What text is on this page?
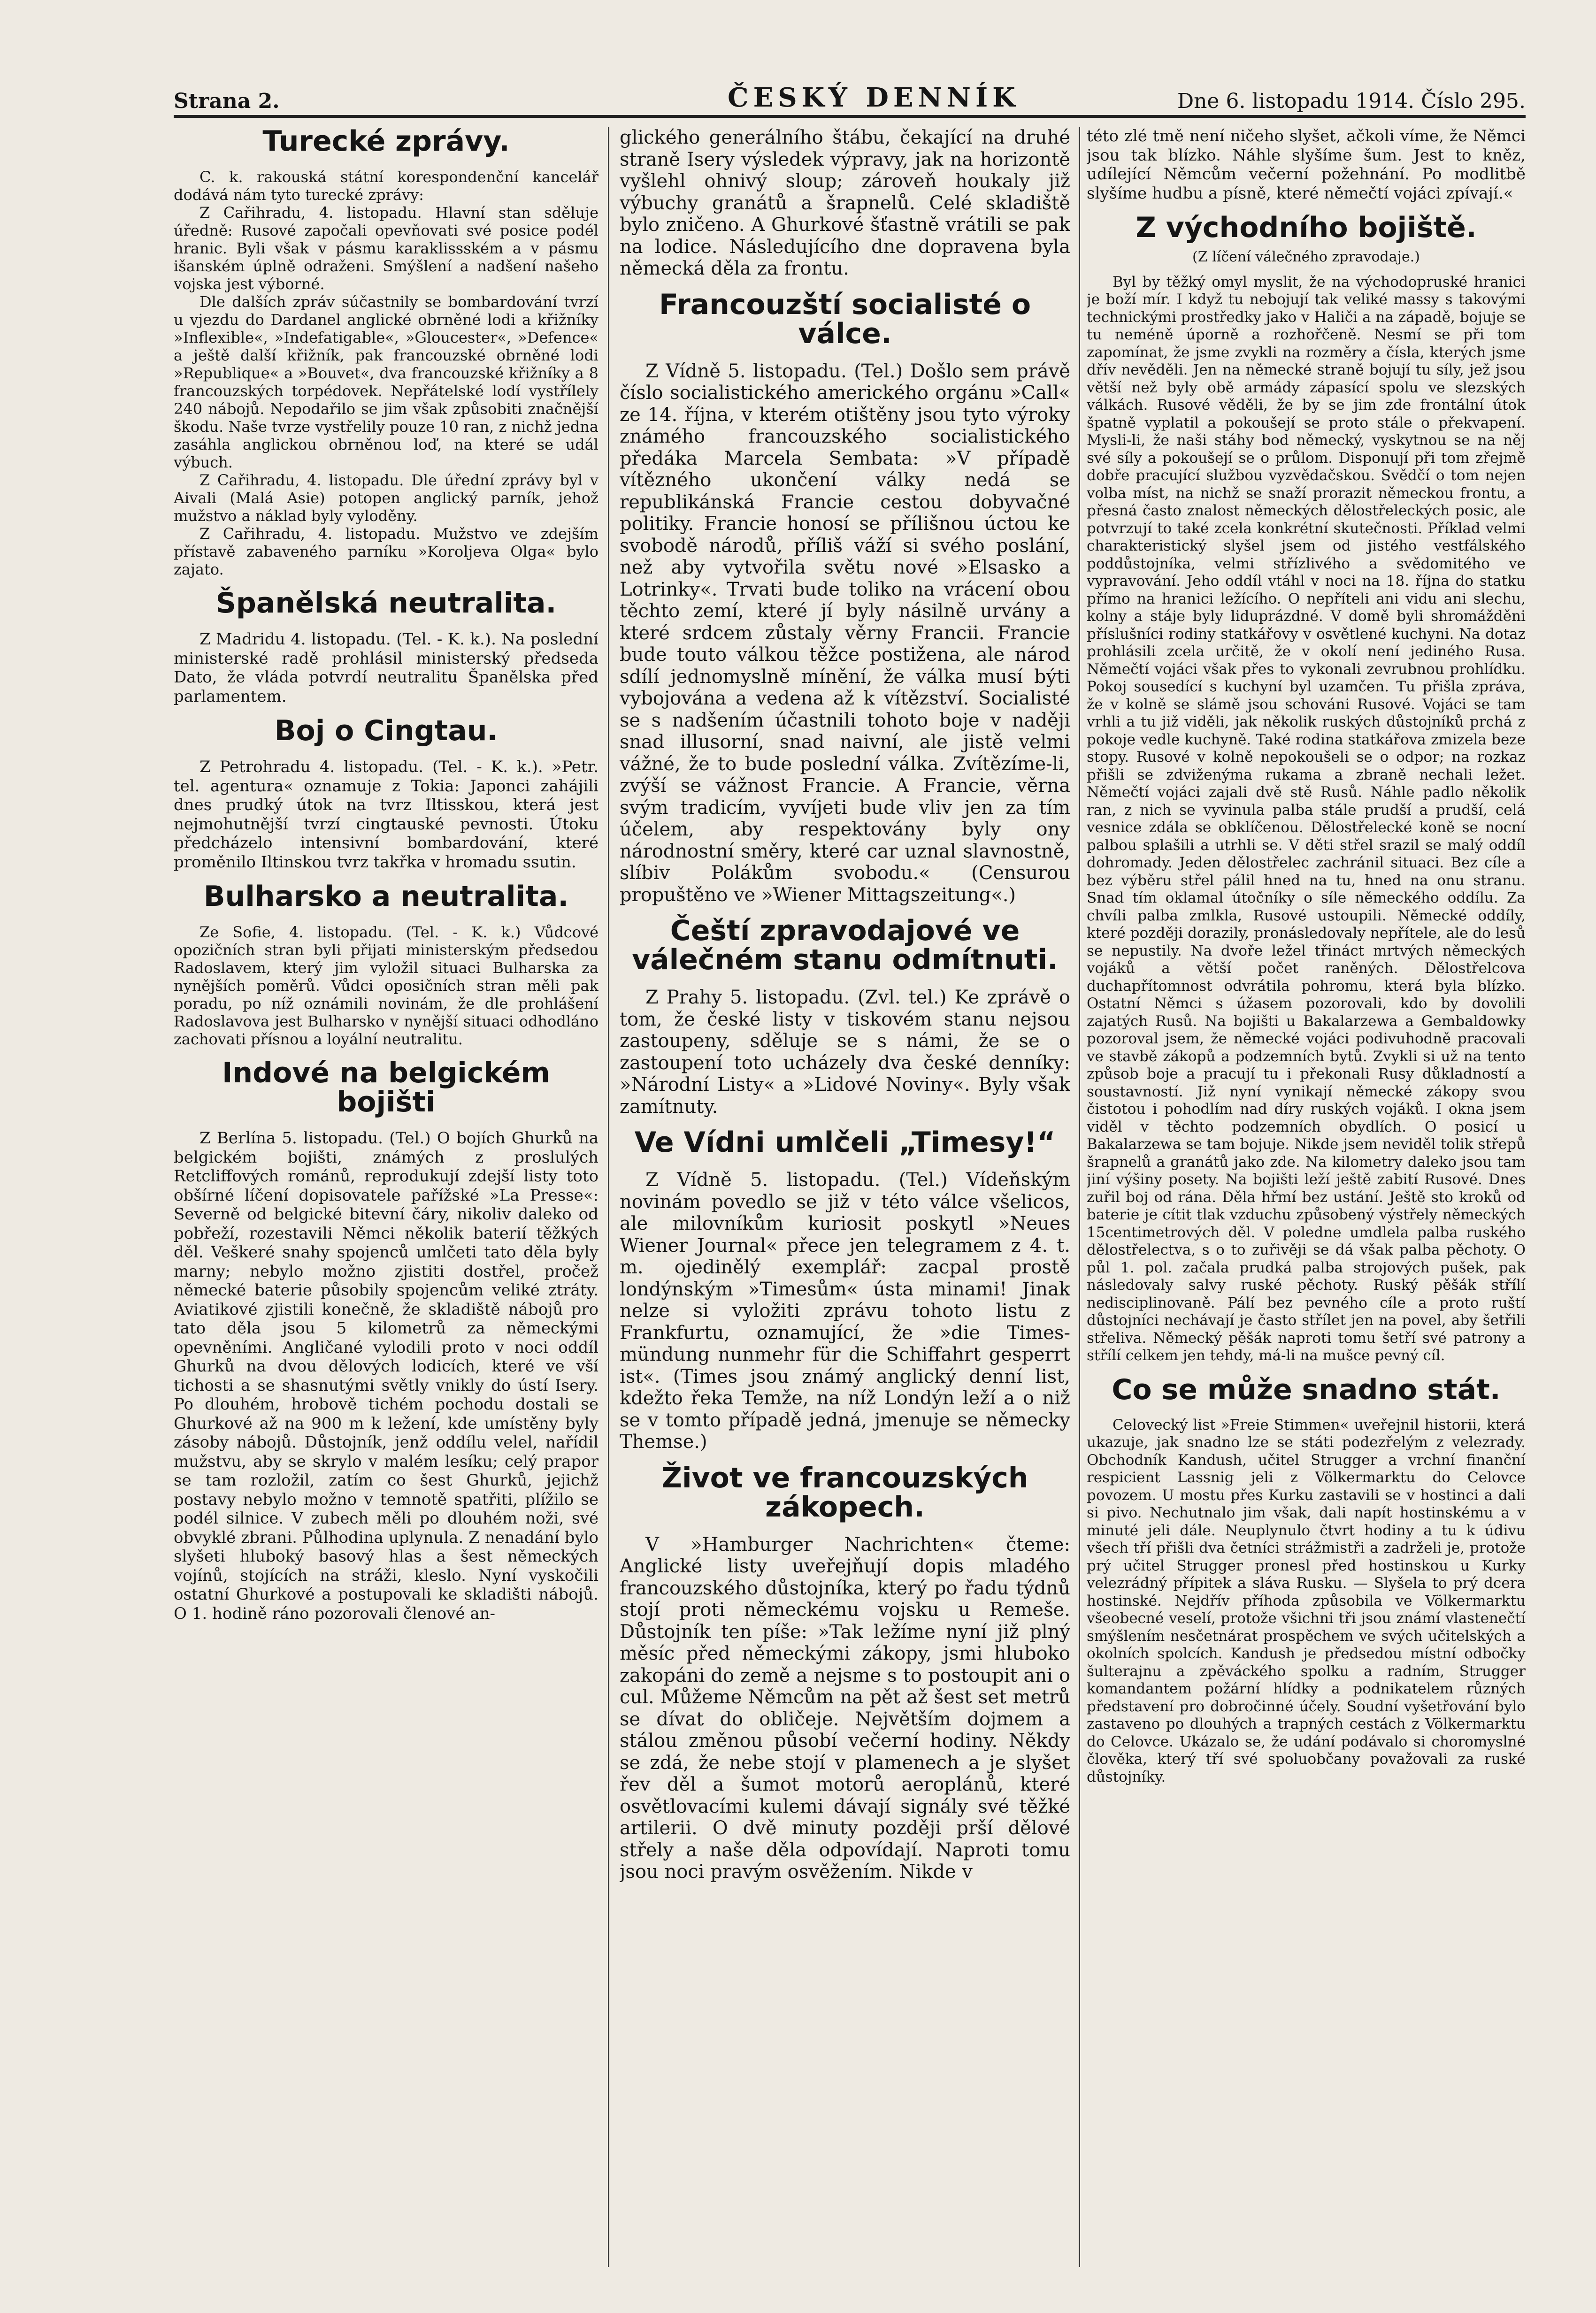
Strana 2.	ČESKÝ DENNÍK	Dne 6. listopadu 1914. Číslo 295.
Turecké zprávy.
C. k. rakouská státní korespondenční kancelář dodává nám tyto turecké zprávy:
Z Cařihradu, 4. listopadu. Hlavní stan sděluje úředně: Rusové započali opevňovati své posice podél hranic. Byli však v pásmu karaklissském a v pásmu išanském úplně odraženi. Smýšlení a nadšení našeho vojska jest výborné.
Dle dalších zpráv súčastnily se bombardování tvrzí u vjezdu do Dardanel anglické obrněné lodi a křižníky »Inflexible«, »Indefatigable«, »Gloucester«, »Defence« a ještě další křižník, pak francouzské obrněné lodi »Republique« a »Bouvet«, dva francouzské křižníky a 8 francouzských torpédovek. Nepřátelské lodí vystřílely 240 nábojů. Nepodařilo se jim však způsobiti značnější škodu. Naše tvrze vystřelily pouze 10 ran, z nichž jedna zasáhla anglickou obrněnou loď, na které se udál výbuch.
Z Cařihradu, 4. listopadu. Dle úřední zprávy byl v Aivali (Malá Asie) potopen anglický parník, jehož mužstvo a náklad byly vyloděny.
Z Cařihradu, 4. listopadu. Mužstvo ve zdejším přístavě zabaveného parníku »Koroljeva Olga« bylo zajato.
Španělská neutralita.
Z Madridu 4. listopadu. (Tel. - K. k.). Na poslední ministerské radě prohlásil ministerský předseda Dato, že vláda potvrdí neutralitu Španělska před parlamentem.
Boj o Cingtau.
Z Petrohradu 4. listopadu. (Tel. - K. k.). »Petr. tel. agentura« oznamuje z Tokia: Japonci zahájili dnes prudký útok na tvrz Iltisskou, která jest nejmohutnější tvrzí cingtauské pevnosti. Útoku předcházelo intensivní bombardování, které proměnilo Iltinskou tvrz takřka v hromadu ssutin.
Bulharsko a neutralita.
Ze Sofie, 4. listopadu. (Tel. - K. k.) Vůdcové opozičních stran byli přijati ministerským předsedou Radoslavem, který jim vyložil situaci Bulharska za nynějších poměrů. Vůdci oposičních stran měli pak poradu, po níž oznámili novinám, že dle prohlášení Radoslavova jest Bulharsko v nynější situaci odhodláno zachovati přísnou a loyální neutralitu.
Indové na belgickém bojišti
Z Berlína 5. listopadu. (Tel.) O bojích Ghurků na belgickém bojišti, známých z proslulých Retcliffových románů, reprodukují zdejší listy toto obšírné líčení dopisovatele pařížské »La Presse«: Severně od belgické bitevní čáry, nikoliv daleko od pobřeží, rozestavili Němci několik baterií těžkých děl. Veškeré snahy spojenců umlčeti tato děla byly marny; nebylo možno zjistiti dostřel, pročež německé baterie působily spojencům veliké ztráty. Aviatikové zjistili konečně, že skladiště nábojů pro tato děla jsou 5 kilometrů za německými opevněními. Angličané vylodili proto v noci oddíl Ghurků na dvou dělových lodicích, které ve vší tichosti a se shasnutými světly vnikly do ústí Isery. Po dlouhém, hrobově tichém pochodu dostali se Ghurkové až na 900 m k ležení, kde umístěny byly zásoby nábojů. Důstojník, jenž oddílu velel, nařídil mužstvu, aby se skrylo v malém lesíku; celý prapor se tam rozložil, zatím co šest Ghurků, jejichž postavy nebylo možno v temnotě spatřiti, plížilo se podél silnice. V zubech měli po dlouhém noži, své obvyklé zbrani. Půlhodina uplynula. Z nenadání bylo slyšeti hluboký basový hlas a šest německých vojínů, stojících na stráži, kleslo. Nyní vyskočili ostatní Ghurkové a postupovali ke skladišti nábojů. O 1. hodině ráno pozorovali členové an-
glického generálního štábu, čekající na druhé straně Isery výsledek výpravy, jak na horizontě vyšlehl ohnivý sloup; zároveň houkaly již výbuchy granátů a šrapnelů. Celé skladiště bylo zničeno. A Ghurkové šťastně vrátili se pak na lodice. Následujícího dne dopravena byla německá děla za frontu.
Francouzští socialisté o válce.
Z Vídně 5. listopadu. (Tel.) Došlo sem právě číslo socialistického amerického orgánu »Call« ze 14. října, v kterém otištěny jsou tyto výroky známého francouzského socialistického předáka Marcela Sembata: »V případě vítězného ukončení války nedá se republikánská Francie cestou dobyvačné politiky. Francie honosí se přílišnou úctou ke svobodě národů, příliš váží si svého poslání, než aby vytvořila světu nové »Elsasko a Lotrinky«. Trvati bude toliko na vrácení obou těchto zemí, které jí byly násilně urvány a které srdcem zůstaly věrny Francii. Francie bude touto válkou těžce postižena, ale národ sdílí jednomyslně mínění, že válka musí býti vybojována a vedena až k vítězství. Socialisté se s nadšením účastnili tohoto boje v naději snad illusorní, snad naivní, ale jistě velmi vážné, že to bude poslední válka. Zvítězíme-li, zvýší se vážnost Francie. A Francie, věrna svým tradicím, vyvíjeti bude vliv jen za tím účelem, aby respektovány byly ony národnostní směry, které car uznal slavnostně, slíbiv Polákům svobodu.« (Censurou propuštěno ve »Wiener Mittagszeitung«.)
Čeští zpravodajové ve válečném stanu odmítnuti.
Z Prahy 5. listopadu. (Zvl. tel.) Ke zprávě o tom, že české listy v tiskovém stanu nejsou zastoupeny, sděluje se s námi, že se o zastoupení toto ucházely dva české denníky: »Národní Listy« a »Lidové Noviny«. Byly však zamítnuty.
Ve Vídni umlčeli „Timesy!“
Z Vídně 5. listopadu. (Tel.) Vídeňským novinám povedlo se již v této válce všelicos, ale milovníkům kuriosit poskytl »Neues Wiener Journal« přece jen telegramem z 4. t. m. ojedinělý exemplář: zacpal prostě londýnským »Timesům« ústa minami! Jinak nelze si vyložiti zprávu tohoto listu z Frankfurtu, oznamující, že »die Times-mündung nunmehr für die Schiffahrt gesperrt ist«. (Times jsou známý anglický denní list, kdežto řeka Temže, na níž Londýn leží a o niž se v tomto případě jedná, jmenuje se německy Themse.)
Život ve francouzských zákopech.
V »Hamburger Nachrichten« čteme: Anglické listy uveřejňují dopis mladého francouzského důstojníka, který po řadu týdnů stojí proti německému vojsku u Remeše. Důstojník ten píše: »Tak ležíme nyní již plný měsíc před německými zákopy, jsmi hluboko zakopáni do země a nejsme s to postoupit ani o cul. Můžeme Němcům na pět až šest set metrů se dívat do obličeje. Největším dojmem a stálou změnou působí večerní hodiny. Někdy se zdá, že nebe stojí v plamenech a je slyšet řev děl a šumot motorů aeroplánů, které osvětlovacími kulemi dávají signály své těžké artilerii. O dvě minuty později prší dělové střely a naše děla odpovídají. Naproti tomu jsou noci pravým osvěžením. Nikde v
této zlé tmě není ničeho slyšet, ačkoli víme, že Němci jsou tak blízko. Náhle slyšíme šum. Jest to kněz, udílející Němcům večerní požehnání. Po modlitbě slyšíme hudbu a písně, které němečtí vojáci zpívají.«
Z východního bojiště.
(Z líčení válečného zpravodaje.)
Byl by těžký omyl myslit, že na východopruské hranici je boží mír. I když tu nebojují tak veliké massy s takovými technickými prostředky jako v Haliči a na západě, bojuje se tu neméně úporně a rozhořčeně. Nesmí se při tom zapomínat, že jsme zvykli na rozměry a čísla, kterých jsme dřív nevěděli. Jen na německé straně bojují tu síly, jež jsou větší než byly obě armády zápasící spolu ve slezských válkách. Rusové věděli, že by se jim zde frontální útok špatně vyplatil a pokoušejí se proto stále o překvapení. Mysli-li, že naši stáhy bod německý, vyskytnou se na něj své síly a pokoušejí se o průlom. Disponují při tom zřejmě dobře pracující službou vyzvědačskou. Svědčí o tom nejen volba míst, na nichž se snaží prorazit německou frontu, a přesná často znalost německých dělostřeleckých posic, ale potvrzují to také zcela konkrétní skutečnosti. Příklad velmi charakteristický slyšel jsem od jistého vestfálského poddůstojníka, velmi střízlivého a svědomitého ve vypravování. Jeho oddíl vtáhl v noci na 18. října do statku přímo na hranici ležícího. O nepříteli ani vidu ani slechu, kolny a stáje byly liduprázdné. V domě byli shromážděni příslušníci rodiny statkářovy v osvětlené kuchyni. Na dotaz prohlásili zcela určitě, že v okolí není jediného Rusa. Němečtí vojáci však přes to vykonali zevrubnou prohlídku. Pokoj sousedící s kuchyní byl uzamčen. Tu přišla zpráva, že v kolně se slámě jsou schováni Rusové. Vojáci se tam vrhli a tu již viděli, jak několik ruských důstojníků prchá z pokoje vedle kuchyně. Také rodina statkářova zmizela beze stopy. Rusové v kolně nepokoušeli se o odpor; na rozkaz přišli se zdviženýma rukama a zbraně nechali ležet. Němečtí vojáci zajali dvě stě Rusů. Náhle padlo několik ran, z nich se vyvinula palba stále prudší a prudší, celá vesnice zdála se obklíčenou. Dělostřelecké koně se nocní palbou splašili a utrhli se. V děti střel srazil se malý oddíl dohromady. Jeden dělostřelec zachránil situaci. Bez cíle a bez výběru střel pálil hned na tu, hned na onu stranu. Snad tím oklamal útočníky o síle německého oddílu. Za chvíli palba zmlkla, Rusové ustoupili. Německé oddíly, které později dorazily, pronásledovaly nepřítele, ale do lesů se nepustily. Na dvoře ležel třináct mrtvých německých vojáků a větší počet raněných. Dělostřelcova duchapřítomnost odvrátila pohromu, která byla blízko. Ostatní Němci s úžasem pozorovali, kdo by dovolili zajatých Rusů. Na bojišti u Bakalarzewa a Gembaldowky pozoroval jsem, že německé vojáci podivuhodně pracovali ve stavbě zákopů a podzemních bytů. Zvykli si už na tento způsob boje a pracují tu i překonali Rusy důkladností a soustavností. Již nyní vynikají německé zákopy svou čistotou i pohodlím nad díry ruských vojáků. I okna jsem viděl v těchto podzemních obydlích. O posicí u Bakalarzewa se tam bojuje. Nikde jsem neviděl tolik střepů šrapnelů a granátů jako zde. Na kilometry daleko jsou tam jiní výšiny posety. Na bojišti leží ještě zabití Rusové. Dnes zuřil boj od rána. Děla hřmí bez ustání. Ještě sto kroků od baterie je cítit tlak vzduchu způsobený výstřely německých 15centimetrových děl. V poledne umdlela palba ruského dělostřelectva, s o to zuřivěji se dá však palba pěchoty. O půl 1. pol. začala prudká palba strojových pušek, pak následovaly salvy ruské pěchoty. Ruský pěšák střílí nedisciplinovaně. Pálí bez pevného cíle a proto ruští důstojníci nechávají je často střílet jen na povel, aby šetřili střeliva. Německý pěšák naproti tomu šetří své patrony a střílí celkem jen tehdy, má-li na mušce pevný cíl.
Co se může snadno stát.
Celovecký list »Freie Stimmen« uveřejnil historii, která ukazuje, jak snadno lze se státi podezřelým z velezrady. Obchodník Kandush, učitel Strugger a vrchní finanční respicient Lassnig jeli z Völkermarktu do Celovce povozem. U mostu přes Kurku zastavili se v hostinci a dali si pivo. Nechutnalo jim však, dali napít hostinskému a v minuté jeli dále. Neuplynulo čtvrt hodiny a tu k údivu všech tří přišli dva četníci strážmistři a zadrželi je, protože prý učitel Strugger pronesl před hostinskou u Kurky velezrádný přípitek a sláva Rusku. — Slyšela to prý dcera hostinské. Nejdřív příhoda způsobila ve Völkermarktu všeobecné veselí, protože všichni tři jsou známí vlastenečtí smýšlením nesčetnárat prospěchem ve svých učitelských a okolních spolcích. Kandush je předsedou místní odbočky šulterajnu a zpěváckého spolku a radním, Strugger komandantem požární hlídky a podnikatelem různých představení pro dobročinné účely. Soudní vyšetřování bylo zastaveno po dlouhých a trapných cestách z Völkermarktu do Celovce. Ukázalo se, že udání podávalo si choromyslné člověka, který tří své spoluobčany považovali za ruské důstojníky.
